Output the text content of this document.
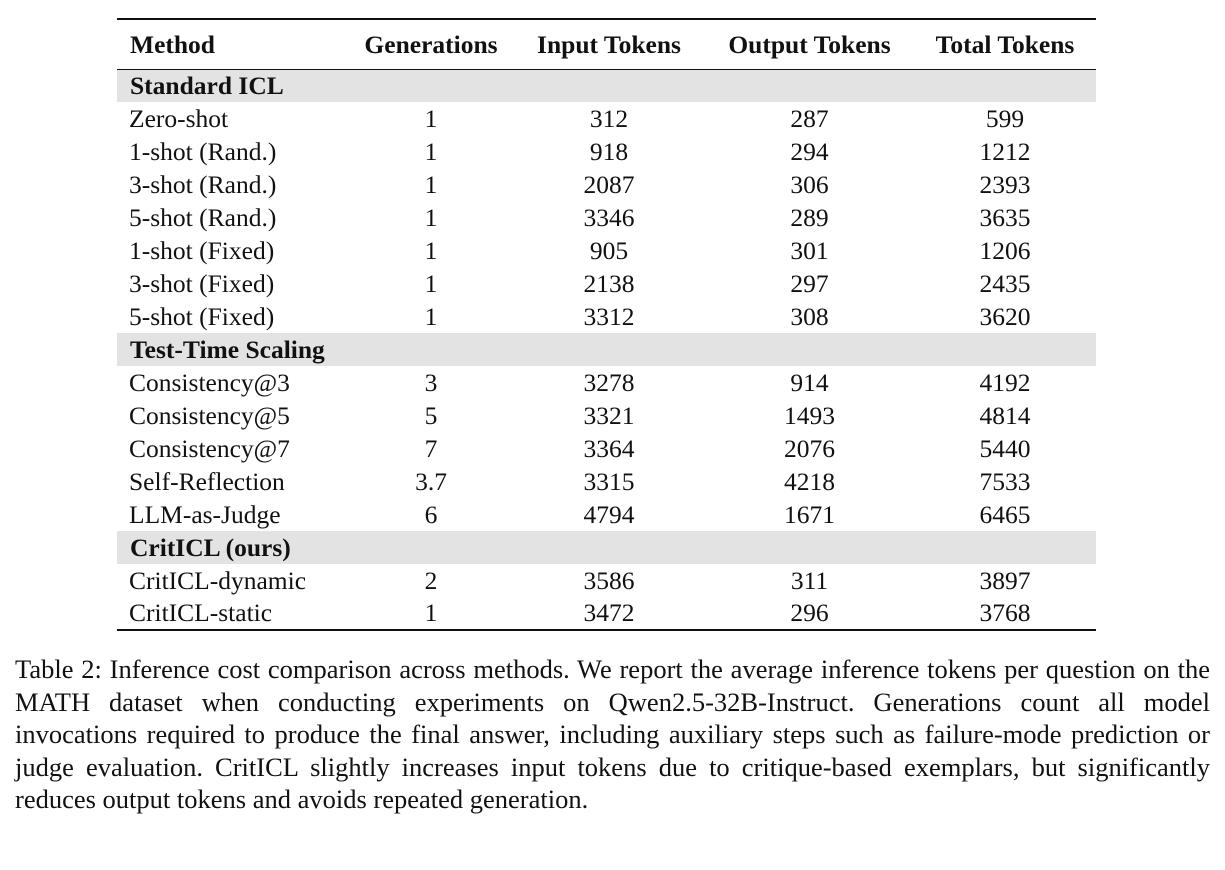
Method	Generations	Input Tokens	Output Tokens	Total Tokens
Standard ICL				
Zero-shot	1	312	287	599
1-shot (Rand.)	1	918	294	1212
3-shot (Rand.)	1	2087	306	2393
5-shot (Rand.)	1	3346	289	3635
1-shot (Fixed)	1	905	301	1206
3-shot (Fixed)	1	2138	297	2435
5-shot (Fixed)	1	3312	308	3620
Test-Time Scaling				
Consistency@3	3	3278	914	4192
Consistency@5	5	3321	1493	4814
Consistency@7	7	3364	2076	5440
Self-Reflection	3.7	3315	4218	7533
LLM-as-Judge	6	4794	1671	6465
CritICL (ours)				
CritICL-dynamic	2	3586	311	3897
CritICL-static	1	3472	296	3768

Table 2: Inference cost comparison across methods. We report the average inference tokens per question on the MATH dataset when conducting experiments on Qwen2.5-32B-Instruct. Generations count all model invocations required to produce the final answer, including auxiliary steps such as failure-mode prediction or judge evaluation. CritICL slightly increases input tokens due to critique-based exemplars, but significantly reduces output tokens and avoids repeated generation.
